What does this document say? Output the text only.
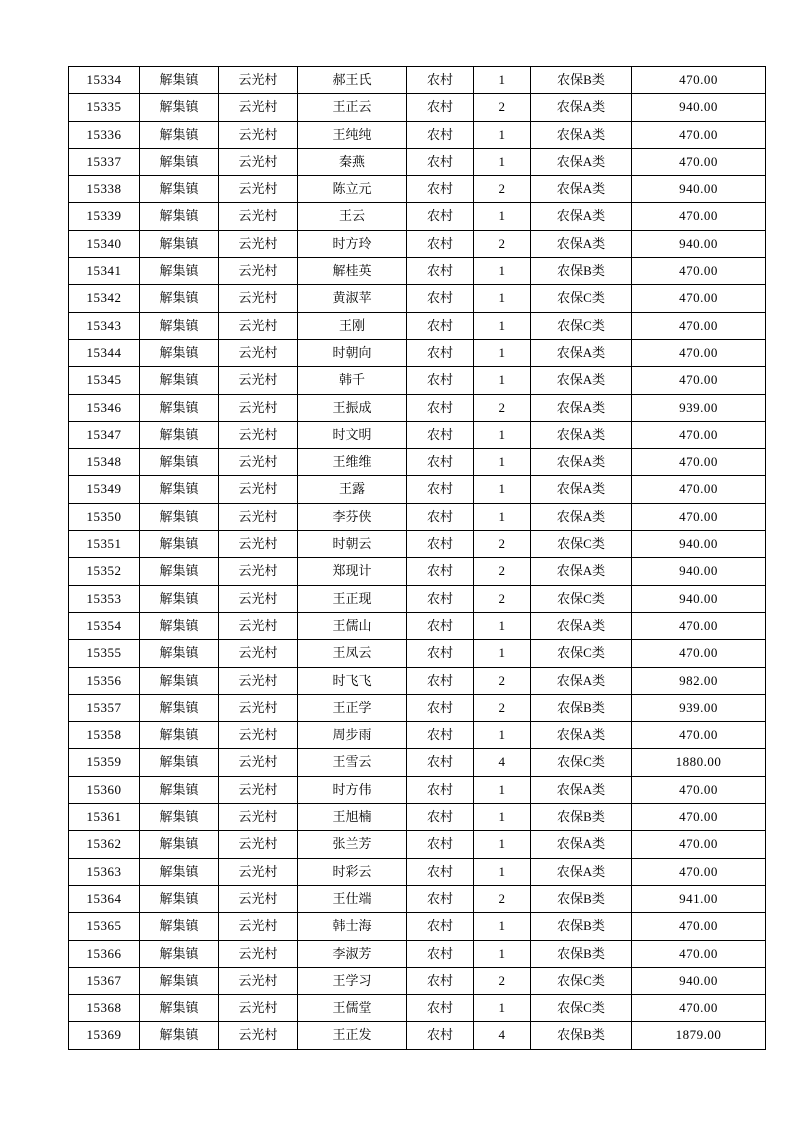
15334	解集镇	云光村	郝王氏	农村	1	农保B类	470.00
15335	解集镇	云光村	王正云	农村	2	农保A类	940.00
15336	解集镇	云光村	王纯纯	农村	1	农保A类	470.00
15337	解集镇	云光村	秦燕	农村	1	农保A类	470.00
15338	解集镇	云光村	陈立元	农村	2	农保A类	940.00
15339	解集镇	云光村	王云	农村	1	农保A类	470.00
15340	解集镇	云光村	时方玲	农村	2	农保A类	940.00
15341	解集镇	云光村	解桂英	农村	1	农保B类	470.00
15342	解集镇	云光村	黄淑苹	农村	1	农保C类	470.00
15343	解集镇	云光村	王刚	农村	1	农保C类	470.00
15344	解集镇	云光村	时朝向	农村	1	农保A类	470.00
15345	解集镇	云光村	韩千	农村	1	农保A类	470.00
15346	解集镇	云光村	王振成	农村	2	农保A类	939.00
15347	解集镇	云光村	时文明	农村	1	农保A类	470.00
15348	解集镇	云光村	王维维	农村	1	农保A类	470.00
15349	解集镇	云光村	王露	农村	1	农保A类	470.00
15350	解集镇	云光村	李芬侠	农村	1	农保A类	470.00
15351	解集镇	云光村	时朝云	农村	2	农保C类	940.00
15352	解集镇	云光村	郑现计	农村	2	农保A类	940.00
15353	解集镇	云光村	王正现	农村	2	农保C类	940.00
15354	解集镇	云光村	王儒山	农村	1	农保A类	470.00
15355	解集镇	云光村	王凤云	农村	1	农保C类	470.00
15356	解集镇	云光村	时飞飞	农村	2	农保A类	982.00
15357	解集镇	云光村	王正学	农村	2	农保B类	939.00
15358	解集镇	云光村	周步雨	农村	1	农保A类	470.00
15359	解集镇	云光村	王雪云	农村	4	农保C类	1880.00
15360	解集镇	云光村	时方伟	农村	1	农保A类	470.00
15361	解集镇	云光村	王旭楠	农村	1	农保B类	470.00
15362	解集镇	云光村	张兰芳	农村	1	农保A类	470.00
15363	解集镇	云光村	时彩云	农村	1	农保A类	470.00
15364	解集镇	云光村	王仕端	农村	2	农保B类	941.00
15365	解集镇	云光村	韩士海	农村	1	农保B类	470.00
15366	解集镇	云光村	李淑芳	农村	1	农保B类	470.00
15367	解集镇	云光村	王学习	农村	2	农保C类	940.00
15368	解集镇	云光村	王儒堂	农村	1	农保C类	470.00
15369	解集镇	云光村	王正发	农村	4	农保B类	1879.00
